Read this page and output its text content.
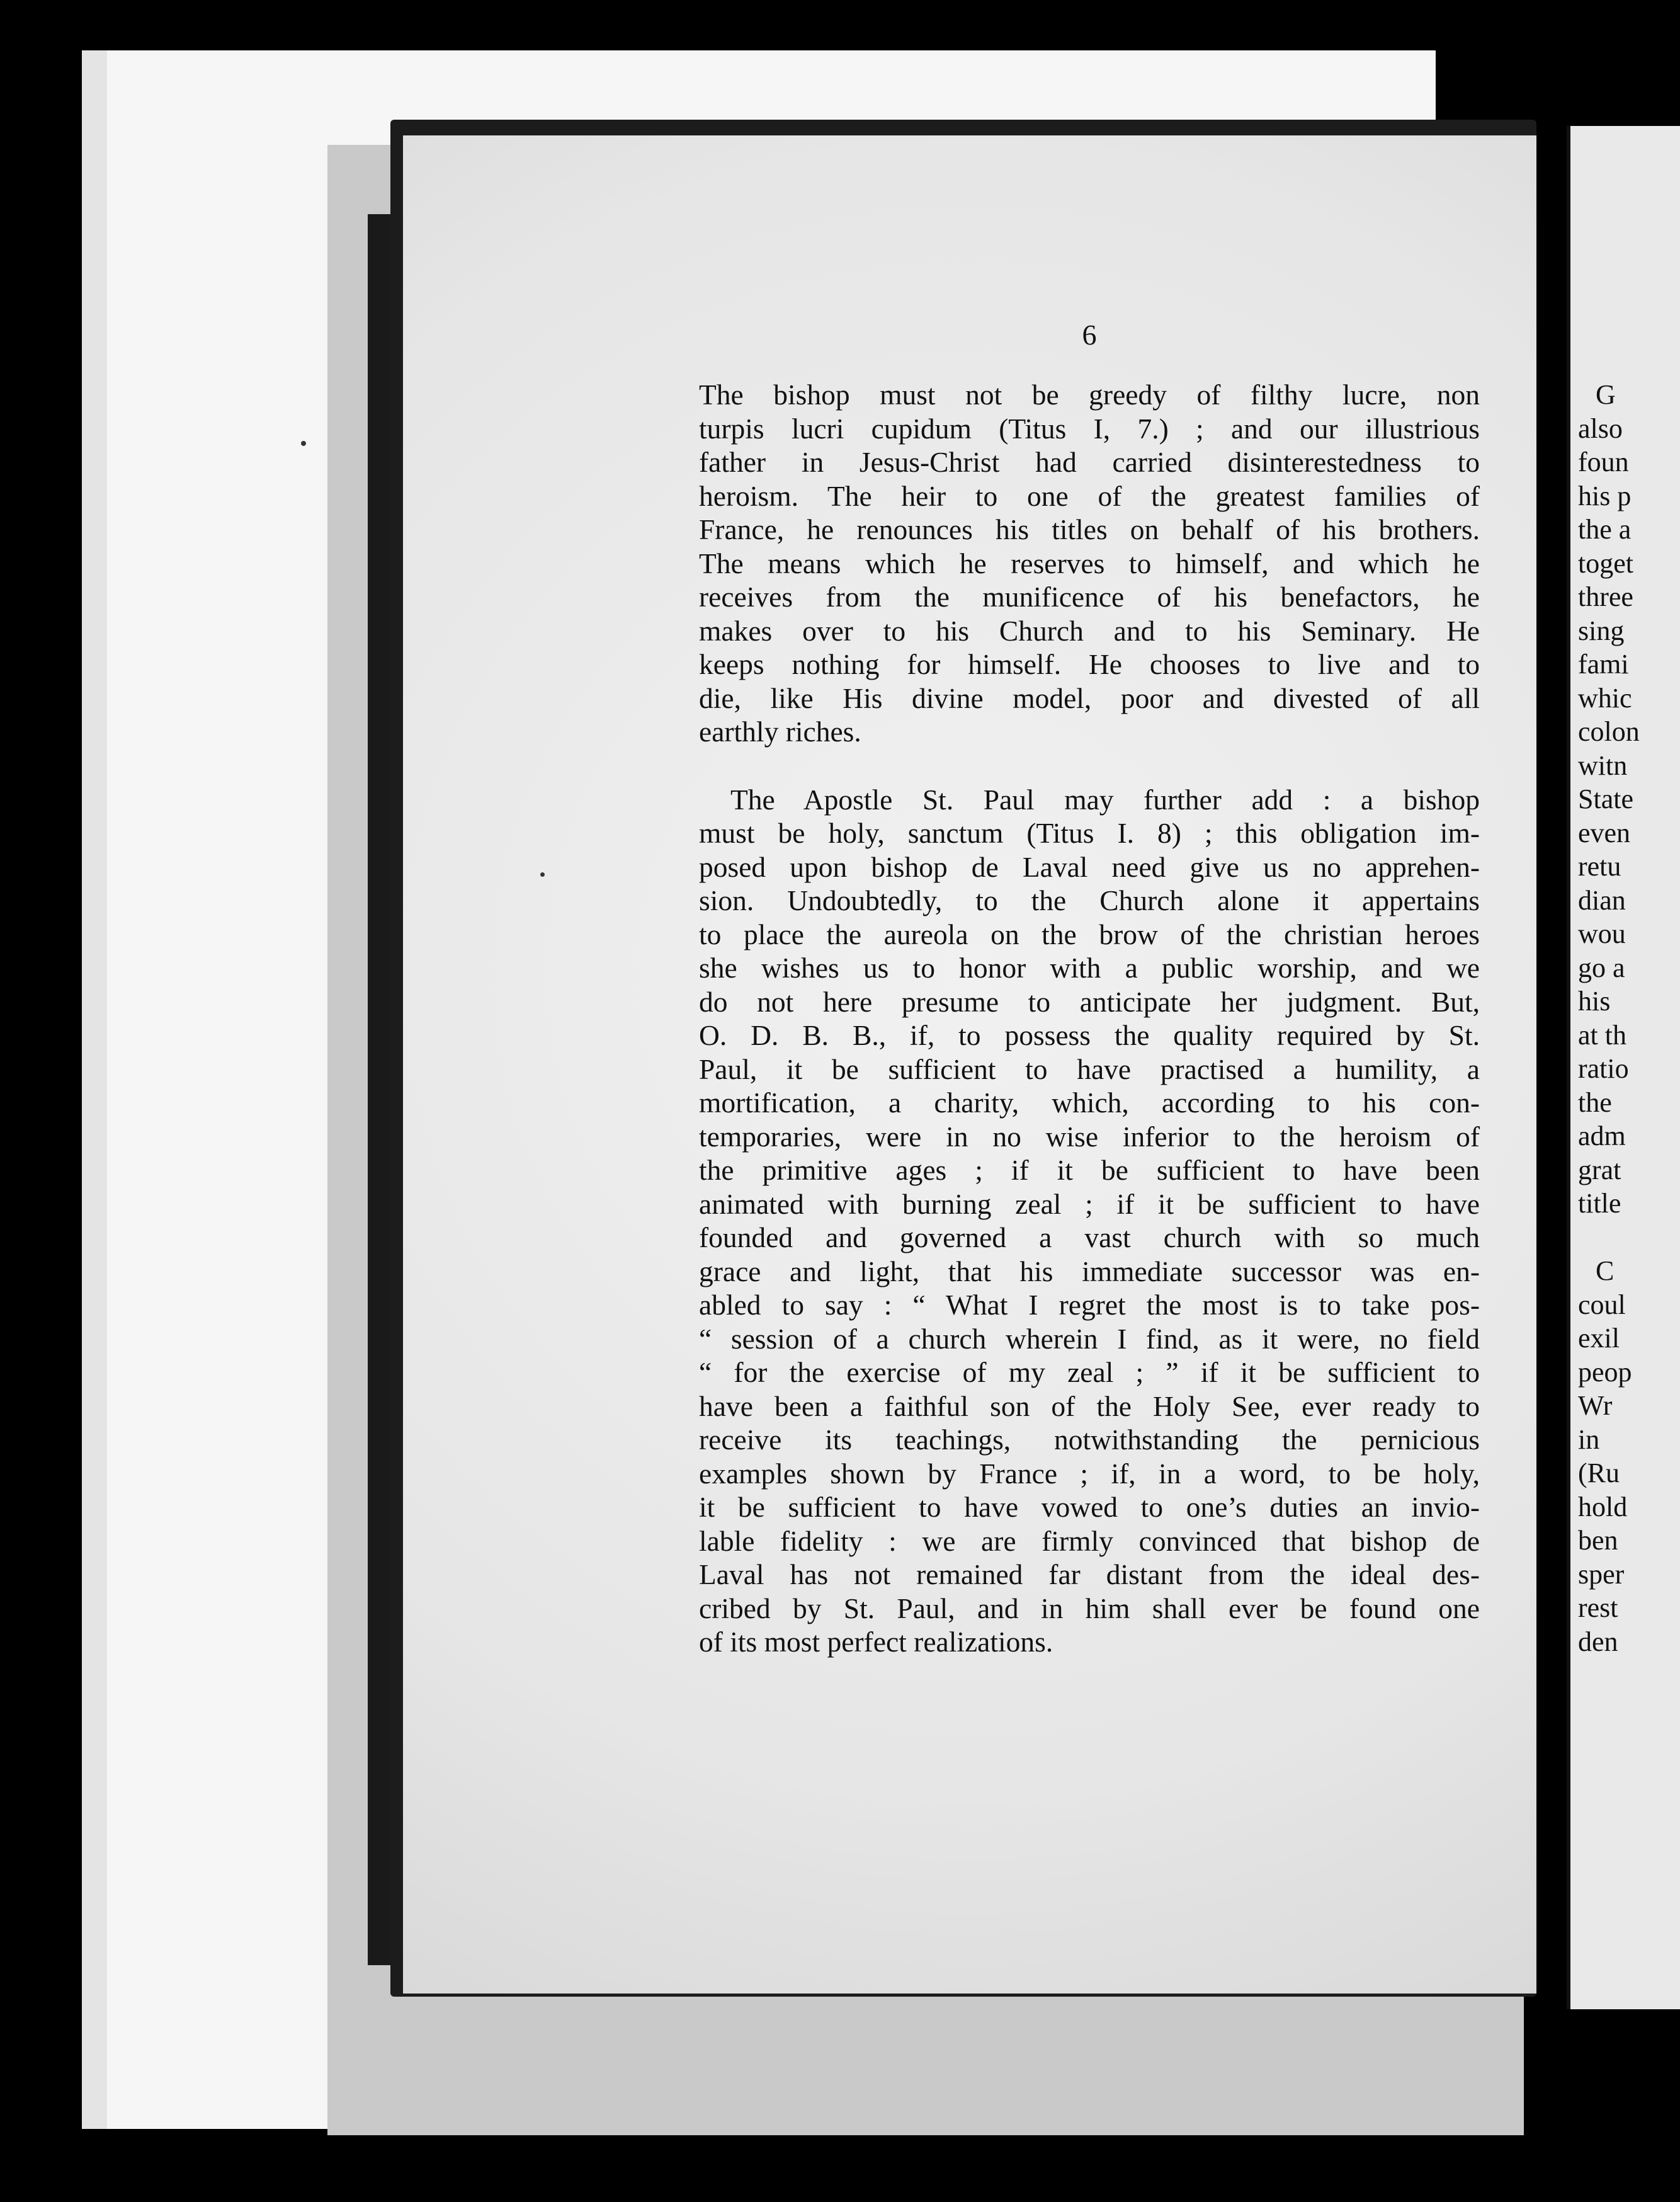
G
also
foun
his p
the a
toget
three
sing
fami
whic
colon
witn
State
even
retu
dian
wou
go a
his
at th
ratio
the
adm
grat
title
C
coul
exil
peop
Wr
in
(Ru
hold
ben
sper
rest
den
6

The bishop must not be greedy of filthy lucre, non
turpis lucri cupidum (Titus I, 7.) ; and our illustrious
father in Jesus-Christ had carried disinterestedness to
heroism. The heir to one of the greatest families of
France, he renounces his titles on behalf of his brothers.
The means which he reserves to himself, and which he
receives from the munificence of his benefactors, he
makes over to his Church and to his Seminary. He
keeps nothing for himself. He chooses to live and to
die, like His divine model, poor and divested of all
earthly riches.

The Apostle St. Paul may further add : a bishop
must be holy, sanctum (Titus I. 8) ; this obligation im-
posed upon bishop de Laval need give us no apprehen-
sion. Undoubtedly, to the Church alone it appertains
to place the aureola on the brow of the christian heroes
she wishes us to honor with a public worship, and we
do not here presume to anticipate her judgment. But,
O. D. B. B., if, to possess the quality required by St.
Paul, it be sufficient to have practised a humility, a
mortification, a charity, which, according to his con-
temporaries, were in no wise inferior to the heroism of
the primitive ages ; if it be sufficient to have been
animated with burning zeal ; if it be sufficient to have
founded and governed a vast church with so much
grace and light, that his immediate successor was en-
abled to say : “ What I regret the most is to take pos-
“ session of a church wherein I find, as it were, no field
“ for the exercise of my zeal ; ” if it be sufficient to
have been a faithful son of the Holy See, ever ready to
receive its teachings, notwithstanding the pernicious
examples shown by France ; if, in a word, to be holy,
it be sufficient to have vowed to one’s duties an invio-
lable fidelity : we are firmly convinced that bishop de
Laval has not remained far distant from the ideal des-
cribed by St. Paul, and in him shall ever be found one
of its most perfect realizations.
